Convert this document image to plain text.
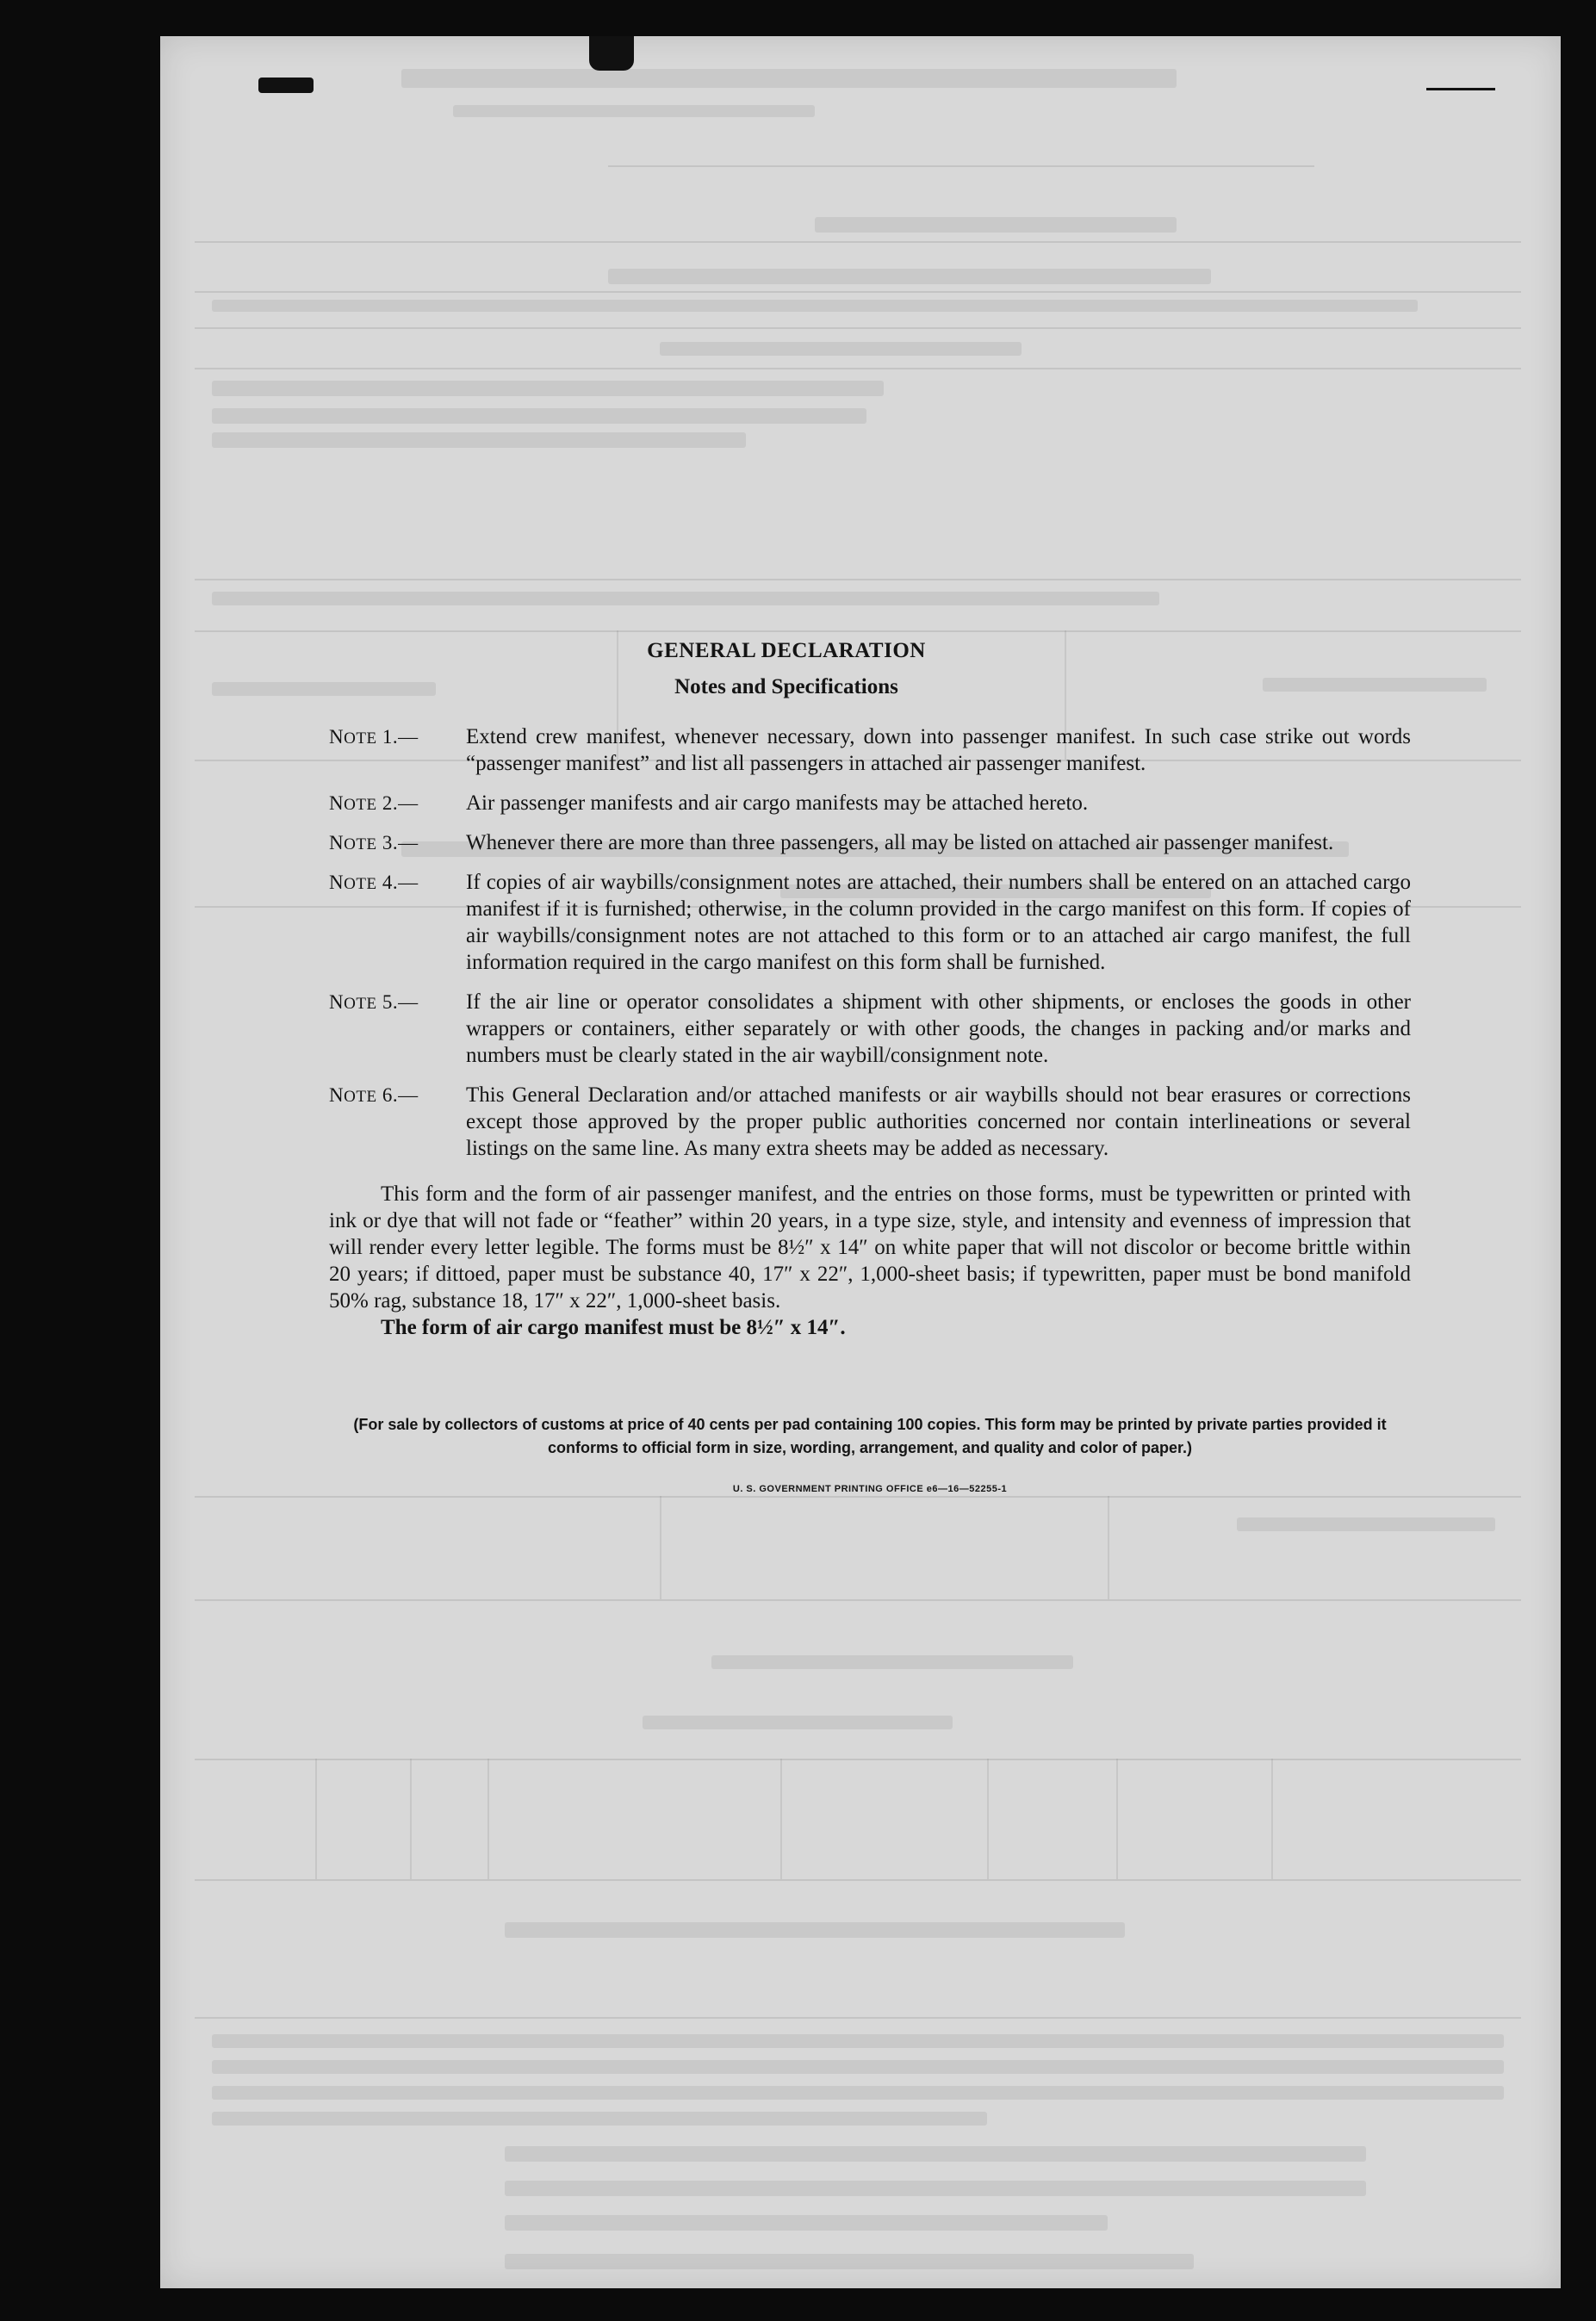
GENERAL DECLARATION
Notes and Specifications
NOTE 1.— Extend crew manifest, whenever necessary, down into passenger manifest. In such case strike out words “passenger manifest” and list all passengers in attached air passenger manifest.
NOTE 2.— Air passenger manifests and air cargo manifests may be attached hereto.
NOTE 3.— Whenever there are more than three passengers, all may be listed on attached air passenger manifest.
NOTE 4.— If copies of air waybills/consignment notes are attached, their numbers shall be entered on an attached cargo manifest if it is furnished; otherwise, in the column provided in the cargo manifest on this form. If copies of air waybills/consignment notes are not attached to this form or to an attached air cargo manifest, the full information required in the cargo manifest on this form shall be furnished.
NOTE 5.— If the air line or operator consolidates a shipment with other shipments, or encloses the goods in other wrappers or containers, either separately or with other goods, the changes in packing and/or marks and numbers must be clearly stated in the air waybill/consignment note.
NOTE 6.— This General Declaration and/or attached manifests or air waybills should not bear erasures or corrections except those approved by the proper public authorities concerned nor contain interlineations or several listings on the same line. As many extra sheets may be added as necessary.
This form and the form of air passenger manifest, and the entries on those forms, must be typewritten or printed with ink or dye that will not fade or “feather” within 20 years, in a type size, style, and intensity and evenness of impression that will render every letter legible. The forms must be 8½″ x 14″ on white paper that will not discolor or become brittle within 20 years; if dittoed, paper must be substance 40, 17″ x 22″, 1,000-sheet basis; if typewritten, paper must be bond manifold 50% rag, substance 18, 17″ x 22″, 1,000-sheet basis.
The form of air cargo manifest must be 8½″ x 14″.
(For sale by collectors of customs at price of 40 cents per pad containing 100 copies. This form may be printed by private parties provided it conforms to official form in size, wording, arrangement, and quality and color of paper.)
U. S. GOVERNMENT PRINTING OFFICE e6—16—52255-1
